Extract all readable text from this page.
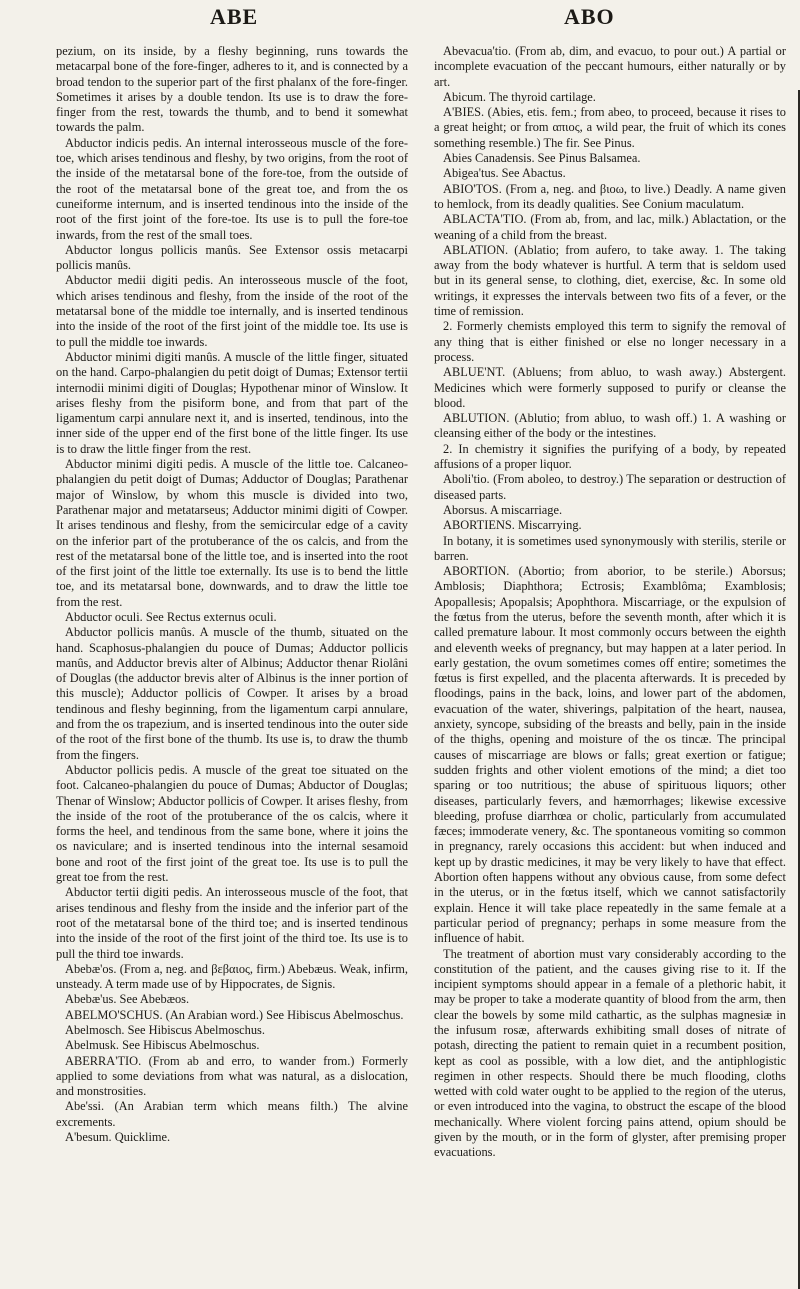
ABE	ABO

pezium, on its inside, by a fleshy beginning, runs towards the metacarpal bone of the fore-finger, adheres to it, and is connected by a broad tendon to the superior part of the first phalanx of the fore-finger. Sometimes it arises by a double tendon. Its use is to draw the fore-finger from the rest, towards the thumb, and to bend it somewhat towards the palm.

Abductor indicis pedis. An internal interosseous muscle of the fore-toe, which arises tendinous and fleshy, by two origins, from the root of the inside of the metatarsal bone of the fore-toe, from the outside of the root of the metatarsal bone of the great toe, and from the os cuneiforme internum, and is inserted tendinous into the inside of the root of the first joint of the fore-toe. Its use is to pull the fore-toe inwards, from the rest of the small toes.

Abductor longus pollicis manûs. See Extensor ossis metacarpi pollicis manûs.

Abductor medii digiti pedis. An interosseous muscle of the foot, which arises tendinous and fleshy, from the inside of the root of the metatarsal bone of the middle toe internally, and is inserted tendinous into the inside of the root of the first joint of the middle toe. Its use is to pull the middle toe inwards.

Abductor minimi digiti manûs. A muscle of the little finger, situated on the hand. Carpo-phalangien du petit doigt of Dumas; Extensor tertii internodii minimi digiti of Douglas; Hypothenar minor of Winslow. It arises fleshy from the pisiform bone, and from that part of the ligamentum carpi annulare next it, and is inserted, tendinous, into the inner side of the upper end of the first bone of the little finger. Its use is to draw the little finger from the rest.

Abductor minimi digiti pedis. A muscle of the little toe. Calcaneo-phalangien du petit doigt of Dumas; Adductor of Douglas; Parathenar major of Winslow, by whom this muscle is divided into two, Parathenar major and metatarseus; Adductor minimi digiti of Cowper. It arises tendinous and fleshy, from the semicircular edge of a cavity on the inferior part of the protuberance of the os calcis, and from the rest of the metatarsal bone of the little toe, and is inserted into the root of the first joint of the little toe externally. Its use is to bend the little toe, and its metatarsal bone, downwards, and to draw the little toe from the rest.

Abductor oculi. See Rectus externus oculi.

Abductor pollicis manûs. A muscle of the thumb, situated on the hand. Scaphosus-phalangien du pouce of Dumas; Adductor pollicis manûs, and Adductor brevis alter of Albinus; Adductor thenar Riolâni of Douglas (the adductor brevis alter of Albinus is the inner portion of this muscle); Adductor pollicis of Cowper. It arises by a broad tendinous and fleshy beginning, from the ligamentum carpi annulare, and from the os trapezium, and is inserted tendinous into the outer side of the root of the first bone of the thumb. Its use is, to draw the thumb from the fingers.

Abductor pollicis pedis. A muscle of the great toe situated on the foot. Calcaneo-phalangien du pouce of Dumas; Abductor of Douglas; Thenar of Winslow; Abductor pollicis of Cowper. It arises fleshy, from the inside of the root of the protuberance of the os calcis, where it forms the heel, and tendinous from the same bone, where it joins the os naviculare; and is inserted tendinous into the internal sesamoid bone and root of the first joint of the great toe. Its use is to pull the great toe from the rest.

Abductor tertii digiti pedis. An interosseous muscle of the foot, that arises tendinous and fleshy from the inside and the inferior part of the root of the metatarsal bone of the third toe; and is inserted tendinous into the inside of the root of the first joint of the third toe. Its use is to pull the third toe inwards.

Abebæ'os. (From a, neg. and βεβαιος, firm.) Abebæus. Weak, infirm, unsteady. A term made use of by Hippocrates, de Signis.

Abebæ'us. See Abebæos.

ABELMO'SCHUS. (An Arabian word.) See Hibiscus Abelmoschus.

Abelmosch. See Hibiscus Abelmoschus.

Abelmusk. See Hibiscus Abelmoschus.

ABERRA'TIO. (From ab and erro, to wander from.) Formerly applied to some deviations from what was natural, as a dislocation, and monstrosities.

Abe'ssi. (An Arabian term which means filth.) The alvine excrements.

A'besum. Quicklime.

Abevacua'tio. (From ab, dim, and evacuo, to pour out.) A partial or incomplete evacuation of the peccant humours, either naturally or by art.

Abicum. The thyroid cartilage.

A'BIES. (Abies, etis. fem.; from abeo, to proceed, because it rises to a great height; or from απιος, a wild pear, the fruit of which its cones something resemble.) The fir. See Pinus.

Abies Canadensis. See Pinus Balsamea.

Abigea'tus. See Abactus.

ABIO'TOS. (From a, neg. and βιοω, to live.) Deadly. A name given to hemlock, from its deadly qualities. See Conium maculatum.

ABLACTA'TIO. (From ab, from, and lac, milk.) Ablactation, or the weaning of a child from the breast.

ABLATION. (Ablatio; from aufero, to take away. 1. The taking away from the body whatever is hurtful. A term that is seldom used but in its general sense, to clothing, diet, exercise, &c. In some old writings, it expresses the intervals between two fits of a fever, or the time of remission.

2. Formerly chemists employed this term to signify the removal of any thing that is either finished or else no longer necessary in a process.

ABLUE'NT. (Abluens; from abluo, to wash away.) Abstergent. Medicines which were formerly supposed to purify or cleanse the blood.

ABLUTION. (Ablutio; from abluo, to wash off.) 1. A washing or cleansing either of the body or the intestines.

2. In chemistry it signifies the purifying of a body, by repeated affusions of a proper liquor.

Aboli'tio. (From aboleo, to destroy.) The separation or destruction of diseased parts.

Aborsus. A miscarriage.

ABORTIENS. Miscarrying.

In botany, it is sometimes used synonymously with sterilis, sterile or barren.

ABORTION. (Abortio; from aborior, to be sterile.) Aborsus; Amblosis; Diaphthora; Ectrosis; Examblôma; Examblosis; Apopallesis; Apopalsis; Apophthora. Miscarriage, or the expulsion of the fœtus from the uterus, before the seventh month, after which it is called premature labour. It most commonly occurs between the eighth and eleventh weeks of pregnancy, but may happen at a later period. In early gestation, the ovum sometimes comes off entire; sometimes the fœtus is first expelled, and the placenta afterwards. It is preceded by floodings, pains in the back, loins, and lower part of the abdomen, evacuation of the water, shiverings, palpitation of the heart, nausea, anxiety, syncope, subsiding of the breasts and belly, pain in the inside of the thighs, opening and moisture of the os tincæ. The principal causes of miscarriage are blows or falls; great exertion or fatigue; sudden frights and other violent emotions of the mind; a diet too sparing or too nutritious; the abuse of spirituous liquors; other diseases, particularly fevers, and hæmorrhages; likewise excessive bleeding, profuse diarrhœa or cholic, particularly from accumulated fæces; immoderate venery, &c. The spontaneous vomiting so common in pregnancy, rarely occasions this accident: but when induced and kept up by drastic medicines, it may be very likely to have that effect. Abortion often happens without any obvious cause, from some defect in the uterus, or in the fœtus itself, which we cannot satisfactorily explain. Hence it will take place repeatedly in the same female at a particular period of pregnancy; perhaps in some measure from the influence of habit.

The treatment of abortion must vary considerably according to the constitution of the patient, and the causes giving rise to it. If the incipient symptoms should appear in a female of a plethoric habit, it may be proper to take a moderate quantity of blood from the arm, then clear the bowels by some mild cathartic, as the sulphas magnesiæ in the infusum rosæ, afterwards exhibiting small doses of nitrate of potash, directing the patient to remain quiet in a recumbent position, kept as cool as possible, with a low diet, and the antiphlogistic regimen in other respects. Should there be much flooding, cloths wetted with cold water ought to be applied to the region of the uterus, or even introduced into the vagina, to obstruct the escape of the blood mechanically. Where violent forcing pains attend, opium should be given by the mouth, or in the form of glyster, after premising proper evacuations.
